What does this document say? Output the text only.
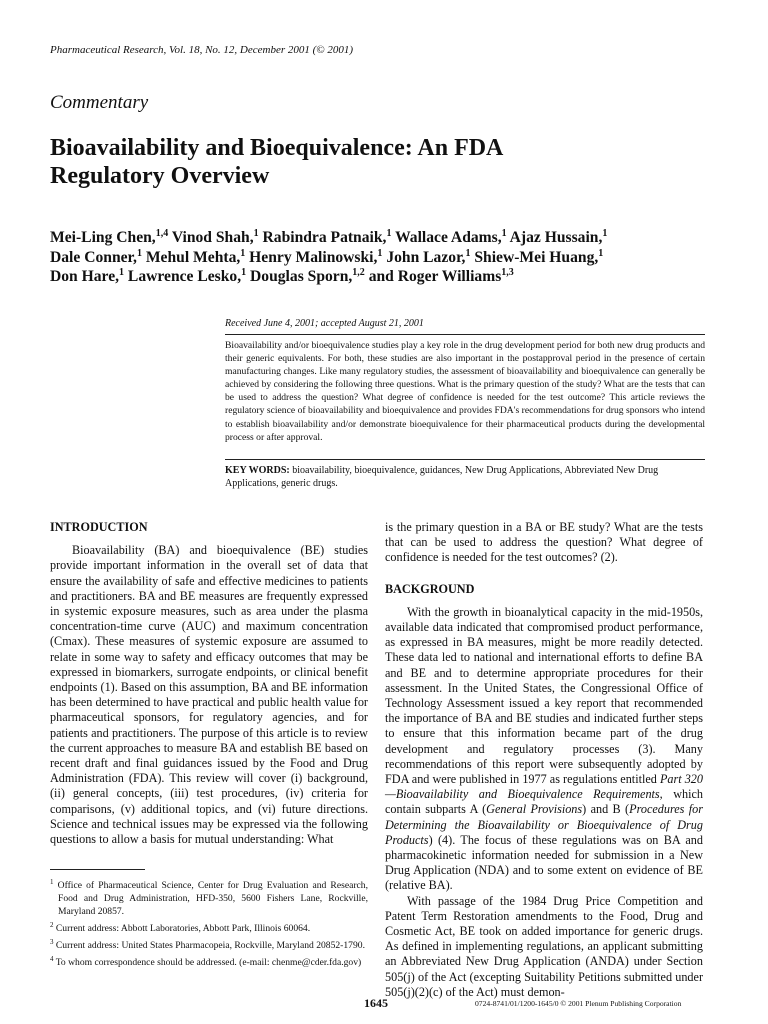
Pharmaceutical Research, Vol. 18, No. 12, December 2001 (© 2001)
Commentary
Bioavailability and Bioequivalence: An FDA
Regulatory Overview
Mei-Ling Chen,$^{1,4}$ Vinod Shah,$^1$ Rabindra Patnaik,$^1$ Wallace Adams,$^1$ Ajaz Hussain,$^1$
Dale Conner,$^1$ Mehul Mehta,$^1$ Henry Malinowski,$^1$ John Lazor,$^1$ Shiew-Mei Huang,$^1$
Don Hare,$^1$ Lawrence Lesko,$^1$ Douglas Sporn,$^{1,2}$ and Roger Williams$^{1,3}$
Received June 4, 2001; accepted August 21, 2001
Bioavailability and/or bioequivalence studies play a key role in the drug development period for both new drug products and their generic equivalents. For both, these studies are also important in the postapproval period in the presence of certain manufacturing changes. Like many regulatory studies, the assessment of bioavailability and bioequivalence can generally be achieved by considering the following three questions. What is the primary question of the study? What are the tests that can be used to address the question? What degree of confidence is needed for the test outcome? This article reviews the regulatory science of bioavailability and bioequivalence and provides FDA's recommendations for drug sponsors who intend to establish bioavailability and/or demonstrate bioequivalence for their pharmaceutical products during the developmental process or after approval.
KEY WORDS: bioavailability, bioequivalence, guidances, New Drug Applications, Abbreviated New Drug Applications, generic drugs.
INTRODUCTION

Bioavailability (BA) and bioequivalence (BE) studies provide important information in the overall set of data that ensure the availability of safe and effective medicines to patients and practitioners. BA and BE measures are frequently expressed in systemic exposure measures, such as area under the plasma concentration-time curve (AUC) and maximum concentration (Cmax). These measures of systemic exposure are assumed to relate in some way to safety and efficacy outcomes that may be expressed in biomarkers, surrogate endpoints, or clinical benefit endpoints (1). Based on this assumption, BA and BE information has been determined to have practical and public health value for pharmaceutical sponsors, for regulatory agencies, and for patients and practitioners. The purpose of this article is to review the current approaches to measure BA and establish BE based on recent draft and final guidances issued by the Food and Drug Administration (FDA). This review will cover (i) background, (ii) general concepts, (iii) test procedures, (iv) criteria for comparisons, (v) additional topics, and (vi) future directions. Science and technical issues may be expressed via the following questions to allow a basis for mutual understanding: What

is the primary question in a BA or BE study? What are the tests that can be used to address the question? What degree of confidence is needed for the test outcomes? (2).

BACKGROUND

With the growth in bioanalytical capacity in the mid-1950s, available data indicated that compromised product performance, as expressed in BA measures, might be more readily detected. These data led to national and international efforts to define BA and BE and to determine appropriate procedures for their assessment. In the United States, the Congressional Office of Technology Assessment issued a key report that recommended the importance of BA and BE studies and indicated further steps to ensure that this information became part of the drug development and regulatory processes (3). Many recommendations of this report were subsequently adopted by FDA and were published in 1977 as regulations entitled Part 320—Bioavailability and Bioequivalence Requirements, which contain subparts A (General Provisions) and B (Procedures for Determining the Bioavailability or Bioequivalence of Drug Products) (4). The focus of these regulations was on BA and pharmacokinetic information needed for submission in a New Drug Application (NDA) and to some extent on evidence of BE (relative BA).

With passage of the 1984 Drug Price Competition and Patent Term Restoration amendments to the Food, Drug and Cosmetic Act, BE took on added importance for generic drugs. As defined in implementing regulations, an applicant submitting an Abbreviated New Drug Application (ANDA) under Section 505(j) of the Act (excepting Suitability Petitions submitted under 505(j)(2)(c) of the Act) must demon-

$^1$ Office of Pharmaceutical Science, Center for Drug Evaluation and Research, Food and Drug Administration, HFD-350, 5600 Fishers Lane, Rockville, Maryland 20857.
$^2$ Current address: Abbott Laboratories, Abbott Park, Illinois 60064.
$^3$ Current address: United States Pharmacopeia, Rockville, Maryland 20852-1790.
$^4$ To whom correspondence should be addressed. (e-mail: chenme@cder.fda.gov)
1645	0724-8741/01/1200-1645/0 © 2001 Plenum Publishing Corporation
